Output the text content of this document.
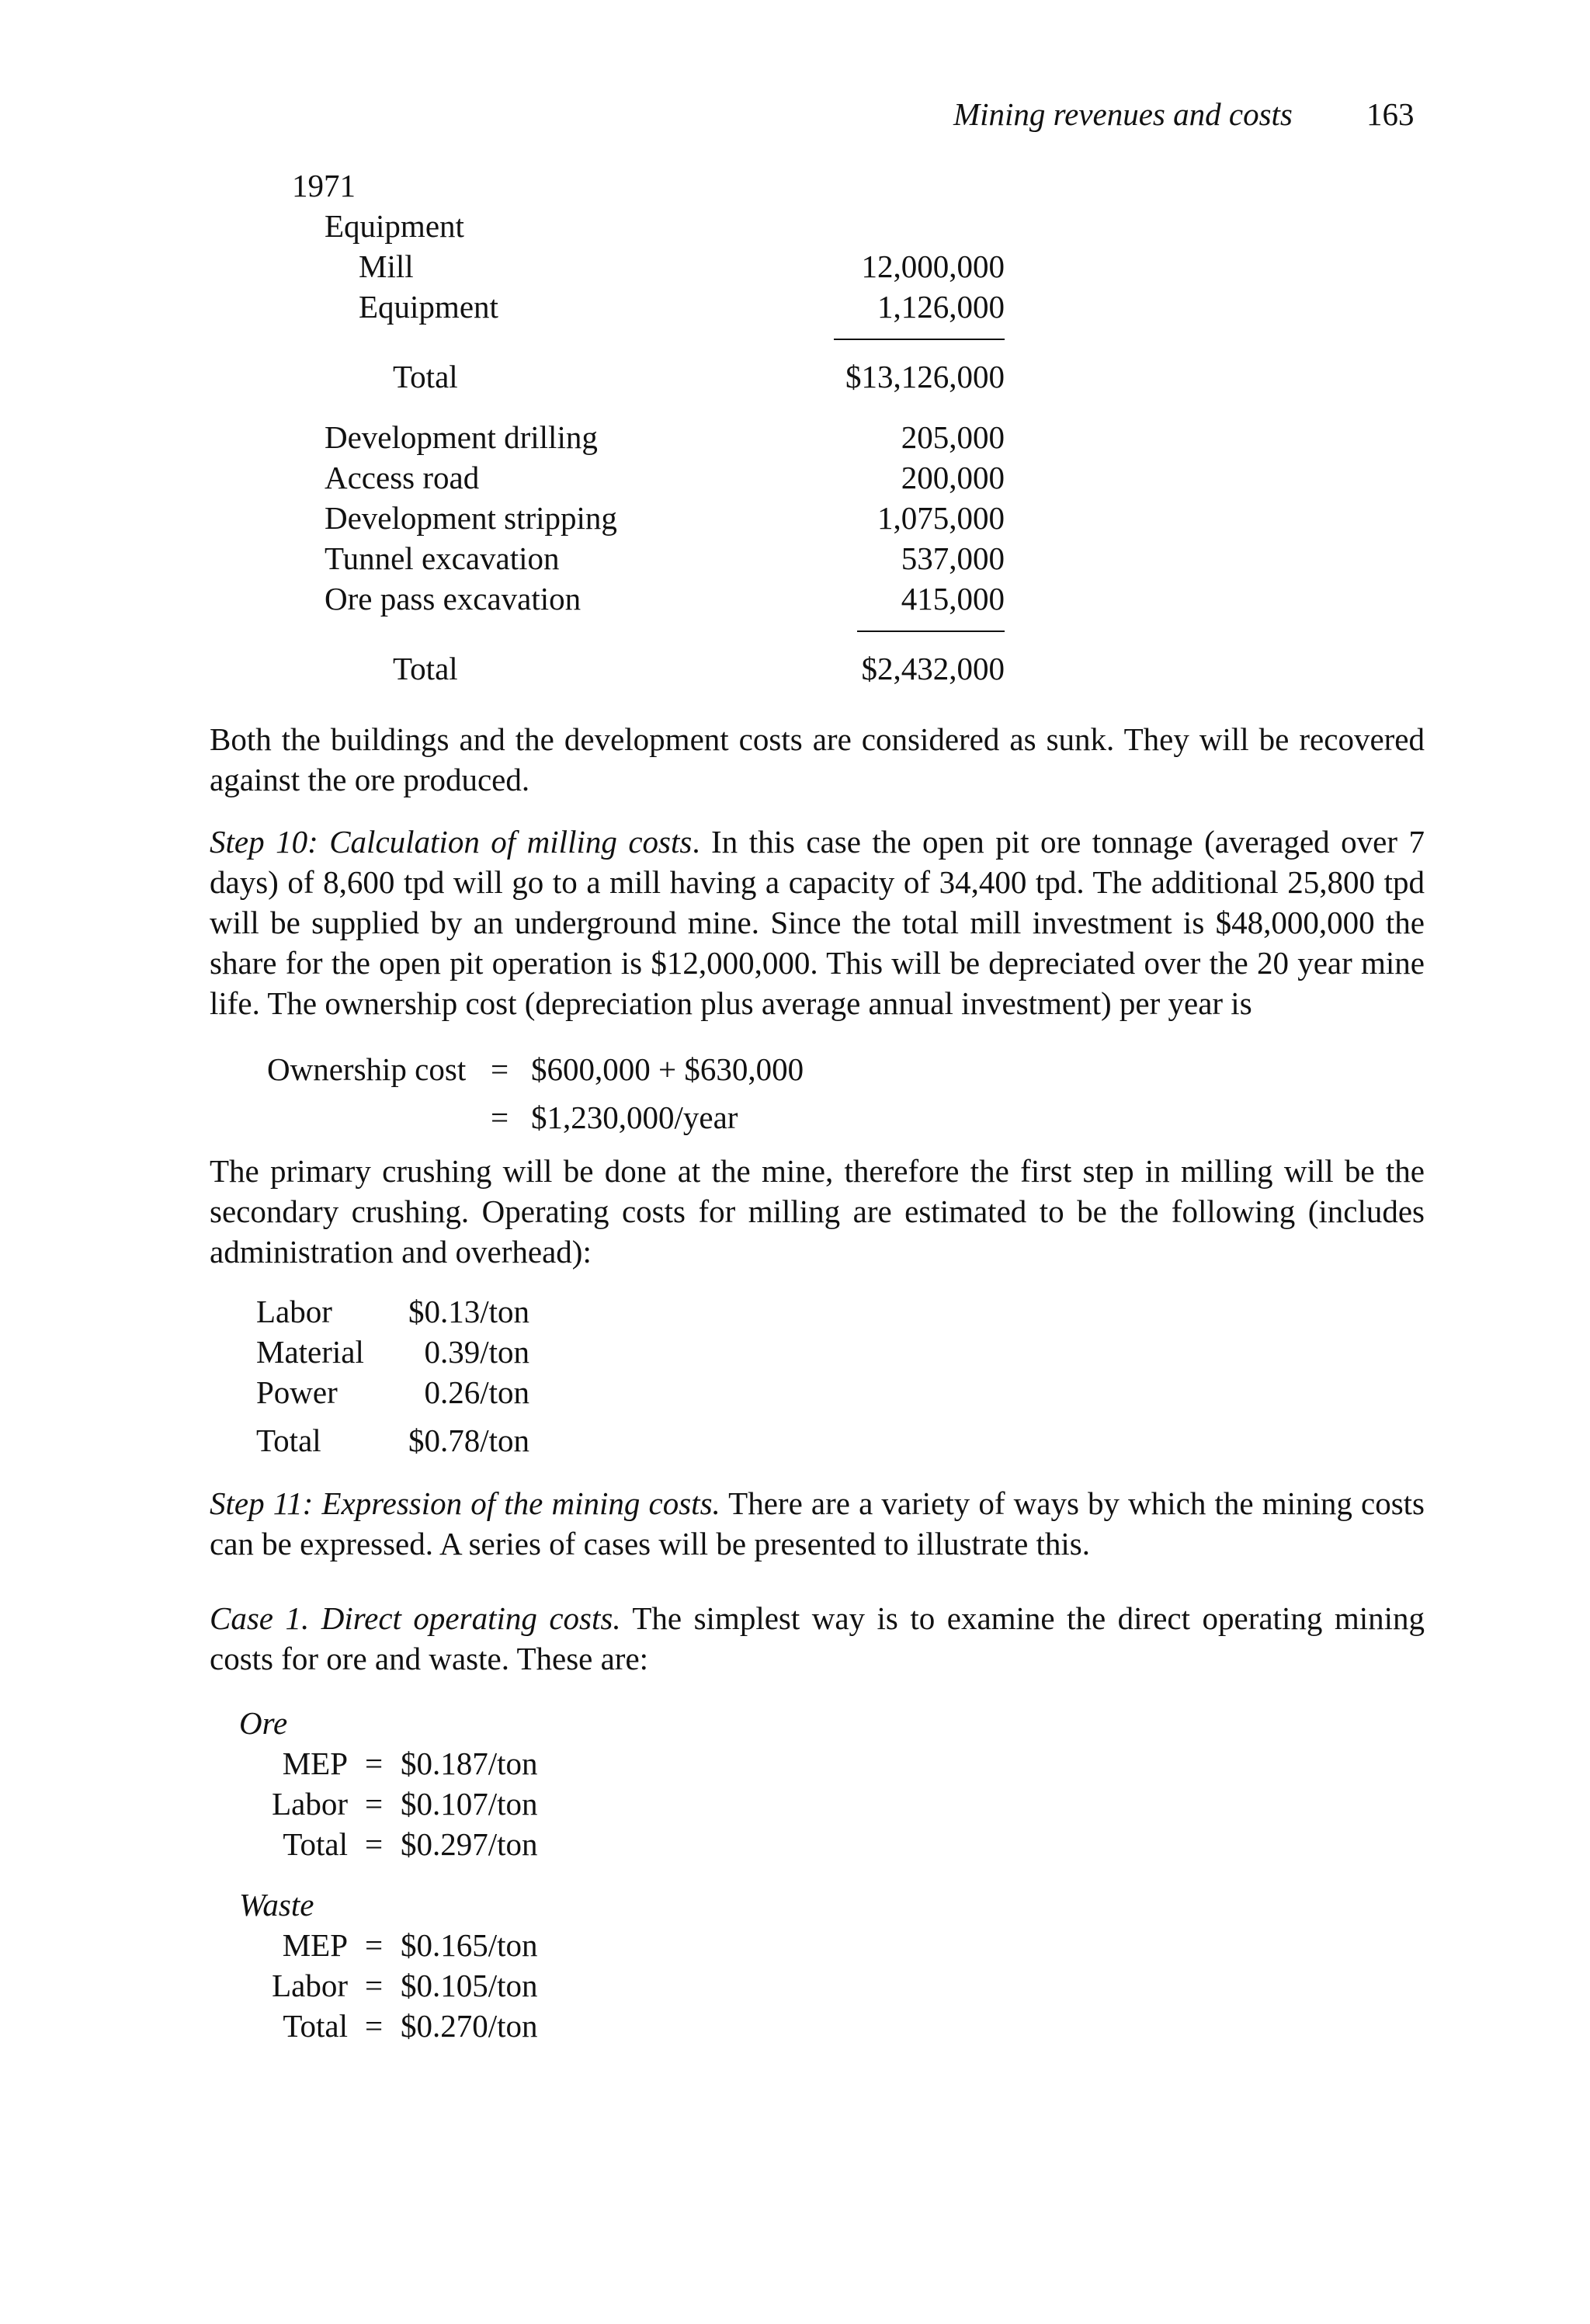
Mining revenues and costs 163
1971
Equipment
Mill	12,000,000
Equipment	1,126,000
Total	$13,126,000
Development drilling	205,000
Access road	200,000
Development stripping	1,075,000
Tunnel excavation	537,000
Ore pass excavation	415,000
Total	$2,432,000

Both the buildings and the development costs are considered as sunk. They will be recovered against the ore produced.

Step 10: Calculation of milling costs. In this case the open pit ore tonnage (averaged over 7 days) of 8,600 tpd will go to a mill having a capacity of 34,400 tpd. The additional 25,800 tpd will be supplied by an underground mine. Since the total mill investment is $48,000,000 the share for the open pit operation is $12,000,000. This will be depreciated over the 20 year mine life. The ownership cost (depreciation plus average annual investment) per year is

Ownership cost = $600,000 + $630,000
= $1,230,000/year

The primary crushing will be done at the mine, therefore the first step in milling will be the secondary crushing. Operating costs for milling are estimated to be the following (includes administration and overhead):

Labor	$0.13/ton
Material	0.39/ton
Power	0.26/ton
Total	$0.78/ton

Step 11: Expression of the mining costs. There are a variety of ways by which the mining costs can be expressed. A series of cases will be presented to illustrate this.

Case 1. Direct operating costs. The simplest way is to examine the direct operating mining costs for ore and waste. These are:

Ore
MEP = $0.187/ton
Labor = $0.107/ton
Total = $0.297/ton
Waste
MEP = $0.165/ton
Labor = $0.105/ton
Total = $0.270/ton
